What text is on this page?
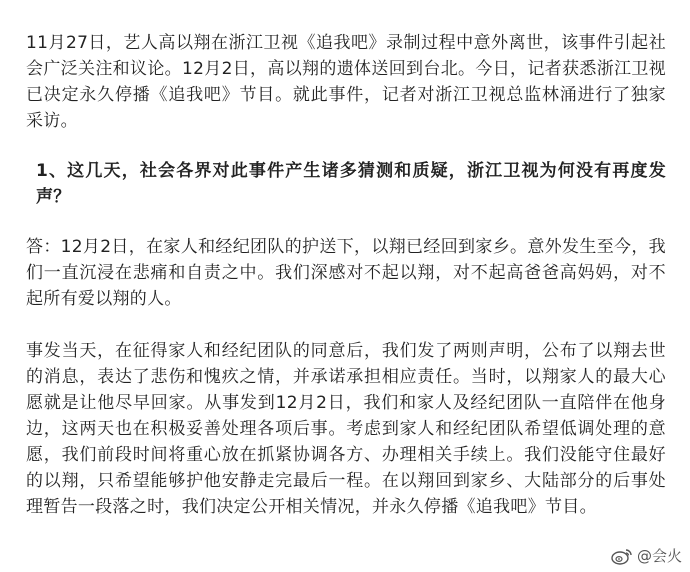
11月27日，艺人高以翔在浙江卫视《追我吧》录制过程中意外离世，该事件引起社会广泛关注和议论。12月2日，高以翔的遗体送回到台北。今日，记者获悉浙江卫视已决定永久停播《追我吧》节目。就此事件，记者对浙江卫视总监林涌进行了独家采访。

1、这几天，社会各界对此事件产生诸多猜测和质疑，浙江卫视为何没有再度发声？

答：12月2日，在家人和经纪团队的护送下，以翔已经回到家乡。意外发生至今，我们一直沉浸在悲痛和自责之中。我们深感对不起以翔，对不起高爸爸高妈妈，对不起所有爱以翔的人。

事发当天，在征得家人和经纪团队的同意后，我们发了两则声明，公布了以翔去世的消息，表达了悲伤和愧疚之情，并承诺承担相应责任。当时，以翔家人的最大心愿就是让他尽早回家。从事发到12月2日，我们和家人及经纪团队一直陪伴在他身边，这两天也在积极妥善处理各项后事。考虑到家人和经纪团队希望低调处理的意愿，我们前段时间将重心放在抓紧协调各方、办理相关手续上。我们没能守住最好的以翔，只希望能够护他安静走完最后一程。在以翔回到家乡、大陆部分的后事处理暂告一段落之时，我们决定公开相关情况，并永久停播《追我吧》节目。

@会火
